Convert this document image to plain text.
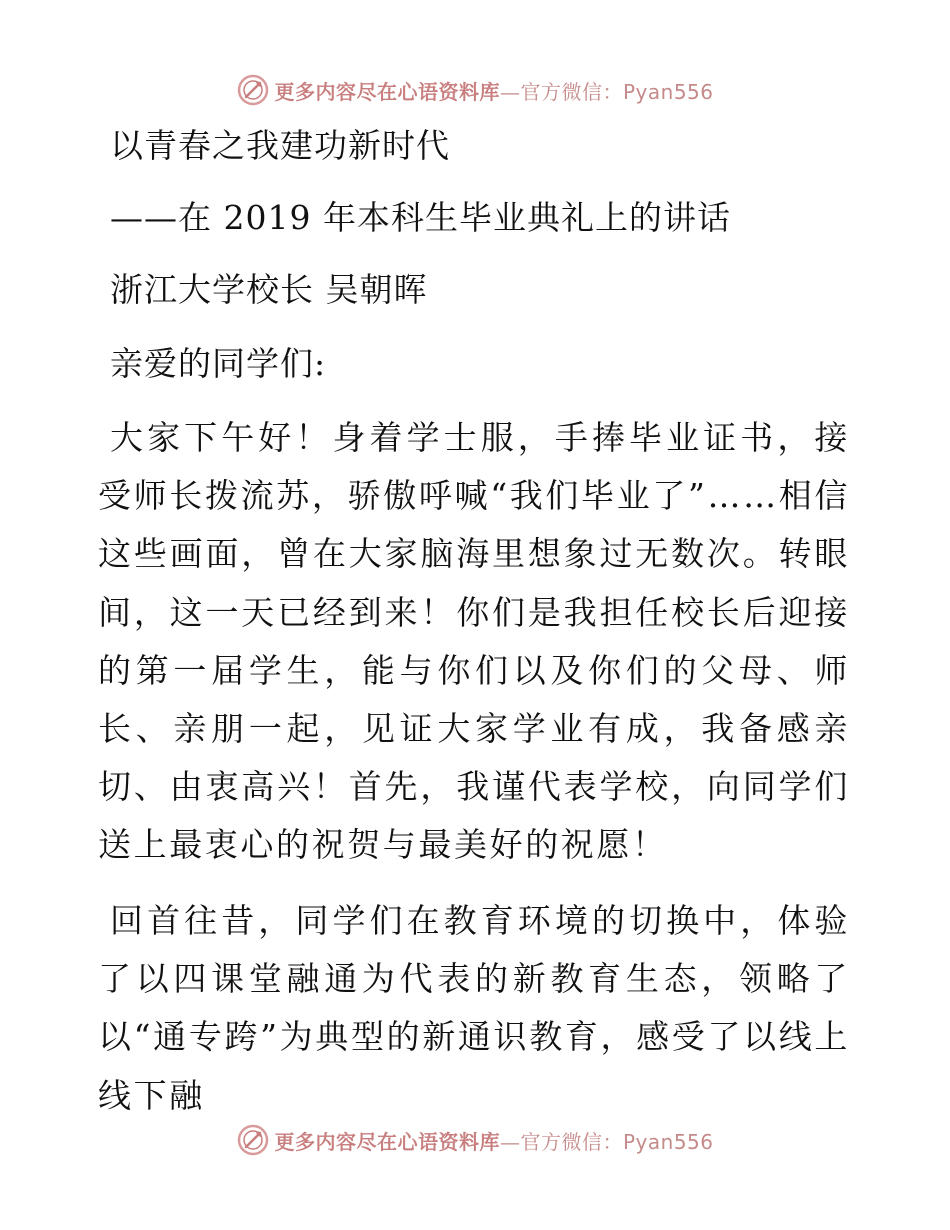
更多内容尽在心语资料库—官方微信：Pyan556
以青春之我建功新时代
——在 2019 年本科生毕业典礼上的讲话
浙江大学校长 吴朝晖
亲爱的同学们:
大家下午好！身着学士服，手捧毕业证书，接受师长拨流苏，骄傲呼喊“我们毕业了”……相信这些画面，曾在大家脑海里想象过无数次。转眼间，这一天已经到来！你们是我担任校长后迎接的第一届学生，能与你们以及你们的父母、师长、亲朋一起，见证大家学业有成，我备感亲切、由衷高兴！首先，我谨代表学校，向同学们送上最衷心的祝贺与最美好的祝愿！
回首往昔，同学们在教育环境的切换中，体验了以四课堂融通为代表的新教育生态，领略了以“通专跨”为典型的新通识教育，感受了以线上线下融
更多内容尽在心语资料库—官方微信：Pyan556
